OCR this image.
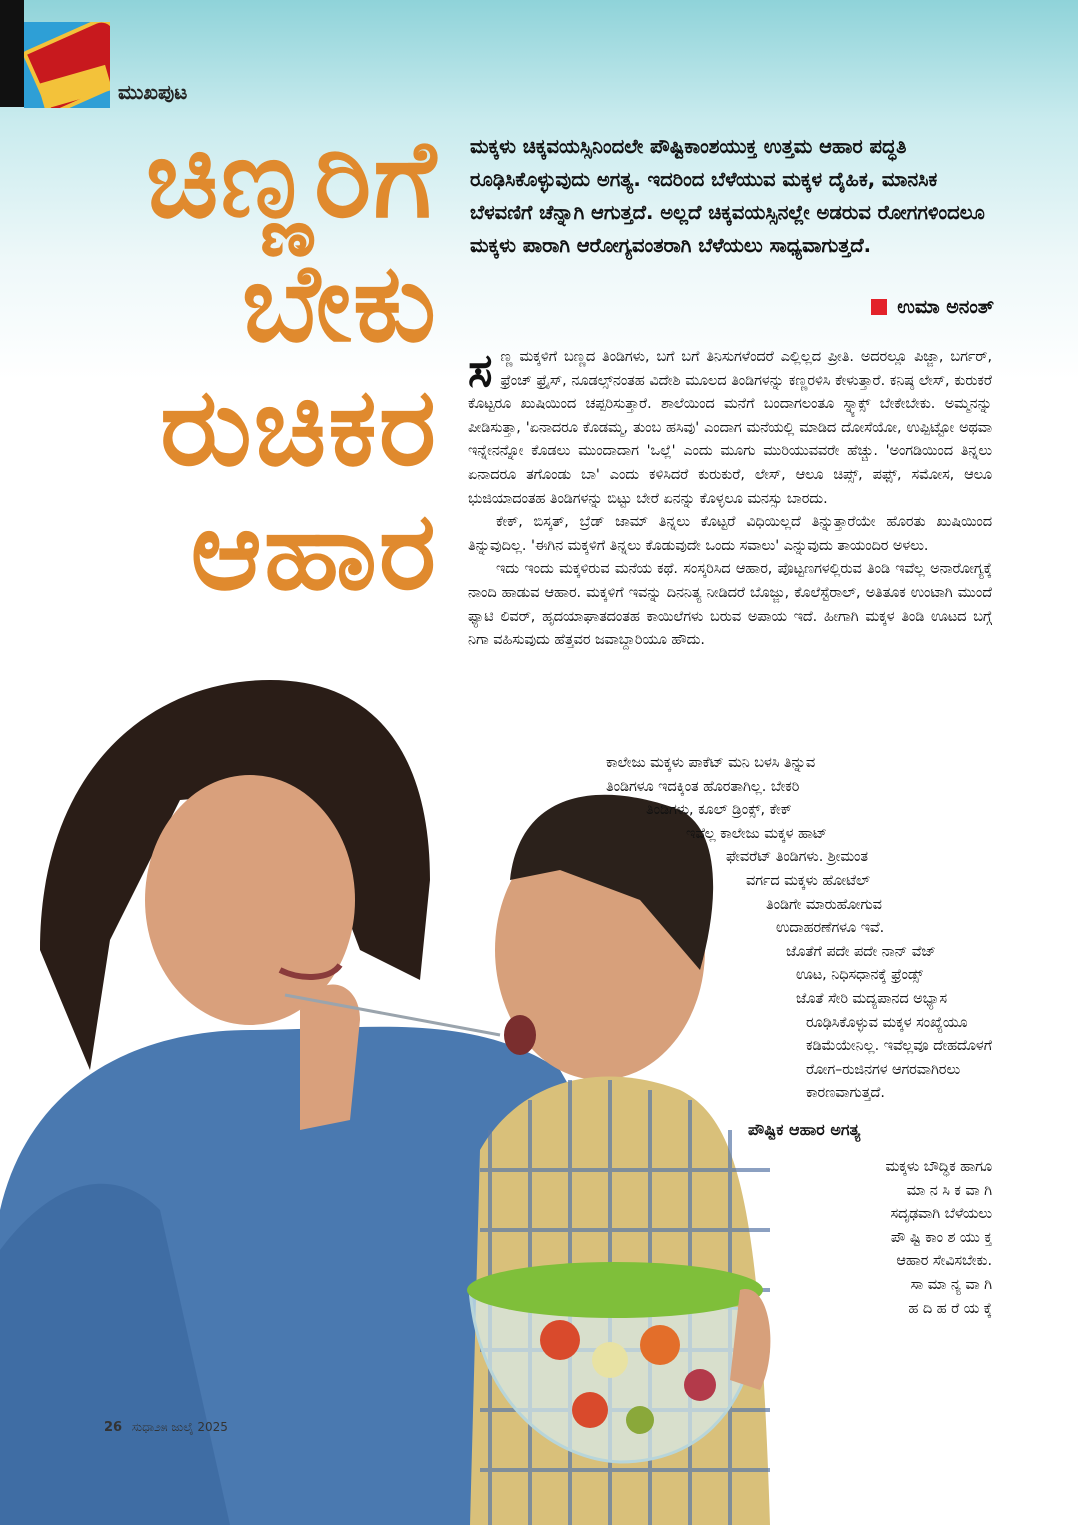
ಮುಖಪುಟ
ಚಿಣ್ಣರಿಗೆ
ಬೇಕು
ರುಚಿಕರ
ಆಹಾರ
ಮಕ್ಕಳು ಚಿಕ್ಕವಯಸ್ಸಿನಿಂದಲೇ ಪೌಷ್ಟಿಕಾಂಶಯುಕ್ತ ಉತ್ತಮ ಆಹಾರ ಪದ್ಧತಿ ರೂಢಿಸಿಕೊಳ್ಳುವುದು ಅಗತ್ಯ. ಇದರಿಂದ ಬೆಳೆಯುವ ಮಕ್ಕಳ ದೈಹಿಕ, ಮಾನಸಿಕ ಬೆಳವಣಿಗೆ ಚೆನ್ನಾಗಿ ಆಗುತ್ತದೆ. ಅಲ್ಲದೆ ಚಿಕ್ಕವಯಸ್ಸಿನಲ್ಲೇ ಅಡರುವ ರೋಗಗಳಿಂದಲೂ ಮಕ್ಕಳು ಪಾರಾಗಿ ಆರೋಗ್ಯವಂತರಾಗಿ ಬೆಳೆಯಲು ಸಾಧ್ಯವಾಗುತ್ತದೆ.
ಉಮಾ ಅನಂತ್

ಸಣ್ಣ ಮಕ್ಕಳಿಗೆ ಬಣ್ಣದ ತಿಂಡಿಗಳು, ಬಗೆ ಬಗೆ ತಿನಿಸುಗಳೆಂದರೆ ಎಲ್ಲಿಲ್ಲದ ಪ್ರೀತಿ. ಅದರಲ್ಲೂ ಪಿಜ್ಜಾ, ಬರ್ಗರ್, ಫ್ರೆಂಚ್ ಫ್ರೈಸ್, ನೂಡಲ್ಸ್‌ನಂತಹ ವಿದೇಶಿ ಮೂಲದ ತಿಂಡಿಗಳನ್ನು ಕಣ್ಣರಳಿಸಿ ಕೇಳುತ್ತಾರೆ. ಕನಿಷ್ಠ ಲೇಸ್, ಕುರುಕರೆ ಕೊಟ್ಟರೂ ಖುಷಿಯಿಂದ ಚಪ್ಪರಿಸುತ್ತಾರೆ. ಶಾಲೆಯಿಂದ ಮನೆಗೆ ಬಂದಾಗಲಂತೂ ಸ್ನ್ಯಾಕ್ಸ್ ಬೇಕೇಬೇಕು. ಅಮ್ಮನನ್ನು ಪೀಡಿಸುತ್ತಾ, 'ಏನಾದರೂ ಕೊಡಮ್ಮ, ತುಂಬ ಹಸಿವು' ಎಂದಾಗ ಮನೆಯಲ್ಲಿ ಮಾಡಿದ ದೋಸೆಯೋ, ಉಪ್ಪಿಟ್ಟೋ ಅಥವಾ ಇನ್ನೇನನ್ನೋ ಕೊಡಲು ಮುಂದಾದಾಗ 'ಒಲ್ಲೆ' ಎಂದು ಮೂಗು ಮುರಿಯುವವರೇ ಹೆಚ್ಚು. 'ಅಂಗಡಿಯಿಂದ ತಿನ್ನಲು ಏನಾದರೂ ತಗೊಂಡು ಬಾ' ಎಂದು ಕಳಿಸಿದರೆ ಕುರುಕುರೆ, ಲೇಸ್, ಆಲೂ ಚಿಪ್ಸ್, ಪಫ್ಸ್, ಸಮೋಸ, ಆಲೂ ಭುಜಿಯಾದಂತಹ ತಿಂಡಿಗಳನ್ನು ಬಿಟ್ಟು ಬೇರೆ ಏನನ್ನು ಕೊಳ್ಳಲೂ ಮನಸ್ಸು ಬಾರದು.

ಕೇಕ್, ಬಿಸ್ಕತ್, ಬ್ರೆಡ್ ಜಾಮ್ ತಿನ್ನಲು ಕೊಟ್ಟರೆ ವಿಧಿಯಿಲ್ಲದೆ ತಿನ್ನುತ್ತಾರೆಯೇ ಹೊರತು ಖುಷಿಯಿಂದ ತಿನ್ನುವುದಿಲ್ಲ. 'ಈಗಿನ ಮಕ್ಕಳಿಗೆ ತಿನ್ನಲು ಕೊಡುವುದೇ ಒಂದು ಸವಾಲು' ಎನ್ನುವುದು ತಾಯಂದಿರ ಅಳಲು.

ಇದು ಇಂದು ಮಕ್ಕಳಿರುವ ಮನೆಯ ಕಥೆ. ಸಂಸ್ಕರಿಸಿದ ಆಹಾರ, ಪೊಟ್ಟಣಗಳಲ್ಲಿರುವ ತಿಂಡಿ ಇವೆಲ್ಲ ಅನಾರೋಗ್ಯಕ್ಕೆ ನಾಂದಿ ಹಾಡುವ ಆಹಾರ. ಮಕ್ಕಳಿಗೆ ಇವನ್ನು ದಿನನಿತ್ಯ ನೀಡಿದರೆ ಬೊಜ್ಜು, ಕೊಲೆಸ್ಟೆರಾಲ್, ಅತಿತೂಕ ಉಂಟಾಗಿ ಮುಂದೆ ಫ್ಯಾಟಿ ಲಿವರ್, ಹೃದಯಾಘಾತದಂತಹ ಕಾಯಿಲೆಗಳು ಬರುವ ಅಪಾಯ ಇದೆ. ಹೀಗಾಗಿ ಮಕ್ಕಳ ತಿಂಡಿ ಊಟದ ಬಗ್ಗೆ ನಿಗಾ ವಹಿಸುವುದು ಹೆತ್ತವರ ಜವಾಬ್ದಾರಿಯೂ ಹೌದು.

ಕಾಲೇಜು ಮಕ್ಕಳು ಪಾಕೆಟ್ ಮನಿ ಬಳಸಿ ತಿನ್ನುವ
ತಿಂಡಿಗಳೂ ಇದಕ್ಕಿಂತ ಹೊರತಾಗಿಲ್ಲ. ಬೇಕರಿ
ತಿಂಡಿಗಳು, ಕೂಲ್ ಡ್ರಿಂಕ್ಸ್, ಕೇಕ್
ಇವೆಲ್ಲ ಕಾಲೇಜು ಮಕ್ಕಳ ಹಾಟ್
ಫೇವರೆಟ್ ತಿಂಡಿಗಳು. ಶ್ರೀಮಂತ
ವರ್ಗದ ಮಕ್ಕಳು ಹೋಟೆಲ್
ತಿಂಡಿಗೇ ಮಾರುಹೋಗುವ
ಉದಾಹರಣೆಗಳೂ ಇವೆ.
ಜೊತೆಗೆ ಪದೇ ಪದೇ ನಾನ್ ವೆಜ್
ಊಟ, ನಿಧಿಸಧಾನಕ್ಕೆ ಫ್ರೆಂಡ್ಸ್
ಜೊತೆ ಸೇರಿ ಮದ್ಯಪಾನದ ಅಭ್ಯಾಸ
ರೂಢಿಸಿಕೊಳ್ಳುವ ಮಕ್ಕಳ ಸಂಖ್ಯೆಯೂ
ಕಡಿಮೆಯೇನಿಲ್ಲ. ಇವೆಲ್ಲವೂ ದೇಹದೊಳಗೆ
ರೋಗ–ರುಜಿನಗಳ ಆಗರವಾಗಿರಲು
ಕಾರಣವಾಗುತ್ತದೆ.
ಪೌಷ್ಟಿಕ ಆಹಾರ ಅಗತ್ಯ
ಮಕ್ಕಳು ಬೌದ್ಧಿಕ ಹಾಗೂ
ಮಾ ನ ಸಿ ಕ ವಾ ಗಿ
ಸದೃಢವಾಗಿ ಬೆಳೆಯಲು
ಪೌ ಷ್ಟಿ ಕಾಂ ಶ ಯು ಕ್ತ
ಆಹಾರ ಸೇವಿಸಬೇಕು.
ಸಾ ಮಾ ನ್ಯ ವಾ ಗಿ
ಹ ದಿ ಹ ರೆ ಯ ಕ್ಕೆ
26 ಸುಧಾ೨೫ ಜುಲೈ 2025
